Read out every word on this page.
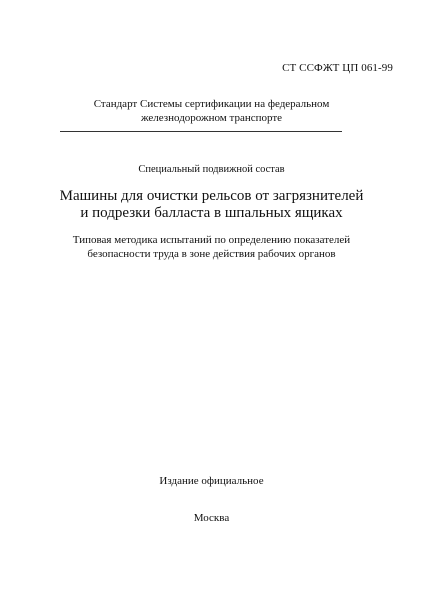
СТ ССФЖТ ЦП 061-99
Стандарт Системы сертификации на федеральном
железнодорожном транспорте
Специальный подвижной состав
Машины для очистки рельсов от загрязнителей
и подрезки балласта в шпальных ящиках
Типовая методика испытаний по определению показателей
безопасности труда в зоне действия рабочих органов
Издание официальное
Москва
